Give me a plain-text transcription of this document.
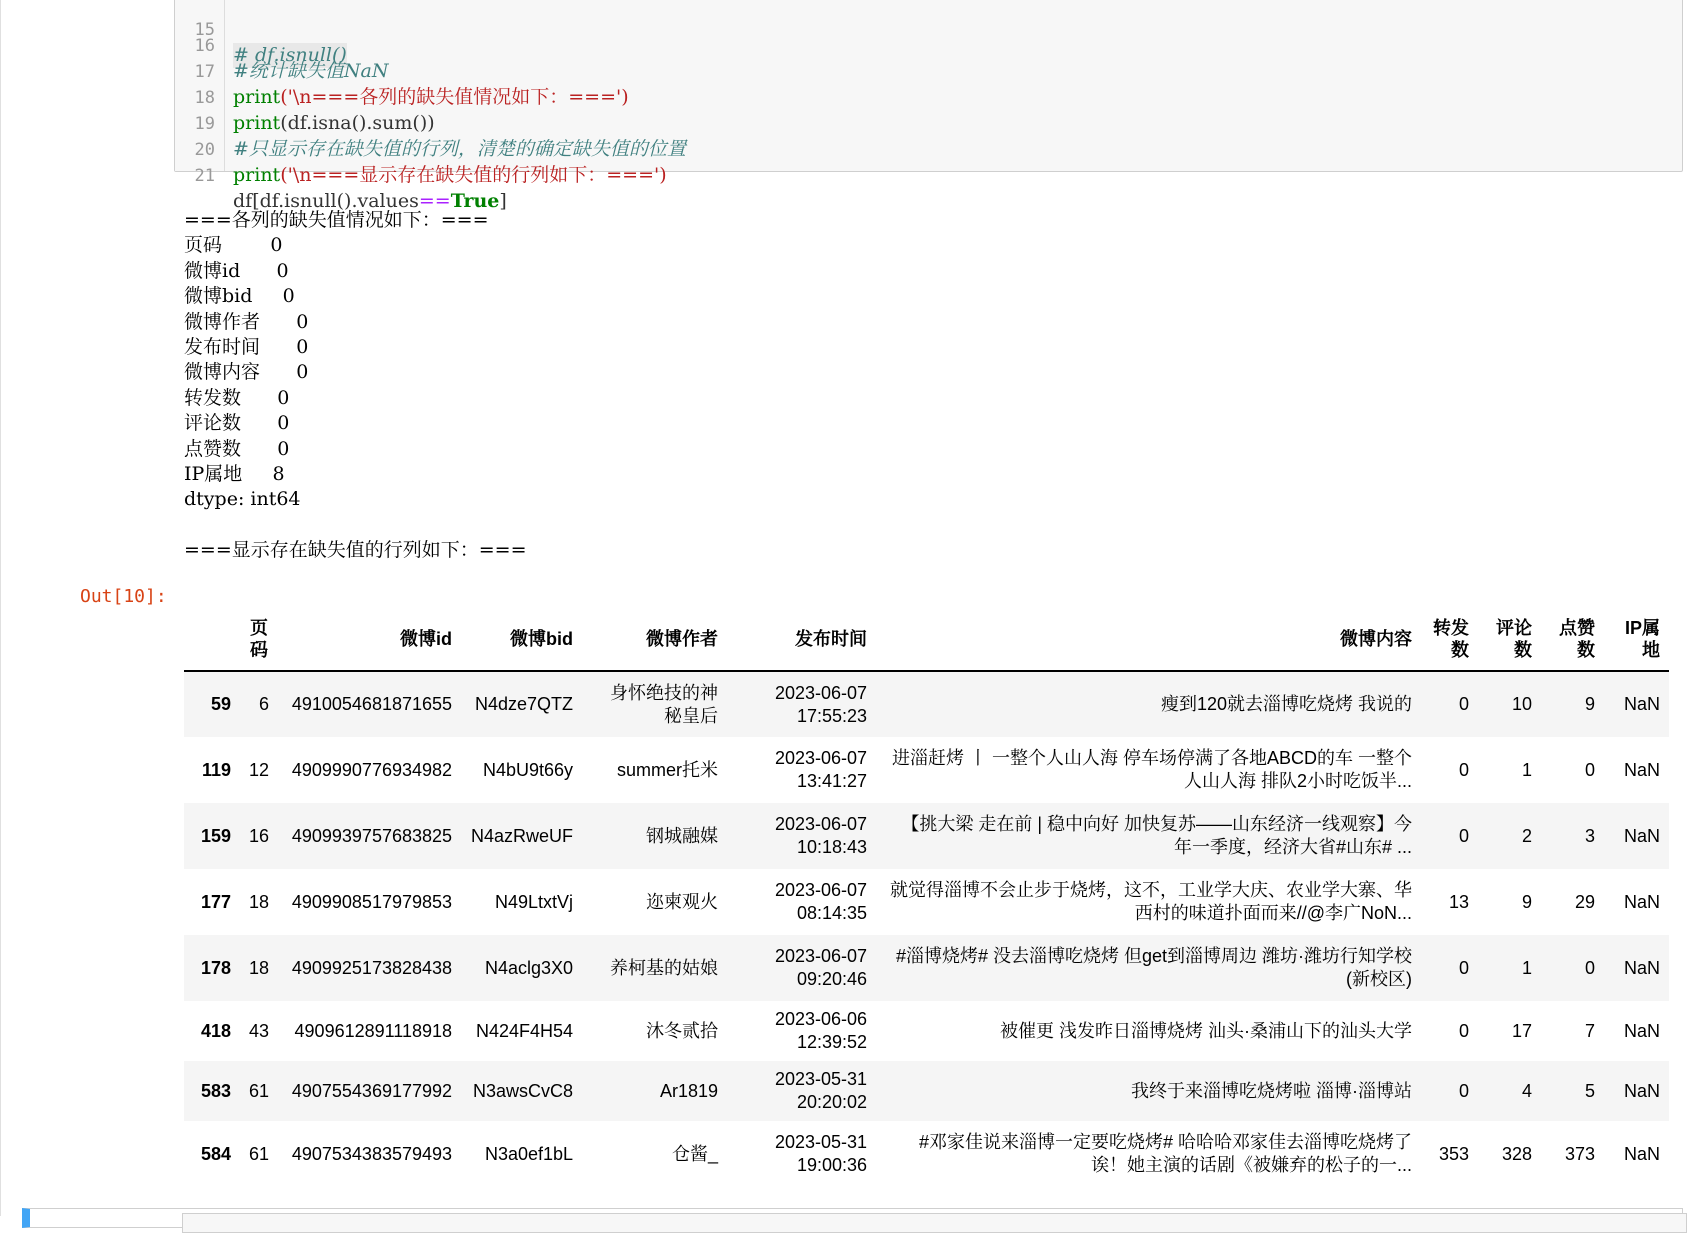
15

# df.isnull()

16

#统计缺失值NaN

17

print('\n===各列的缺失值情况如下：===')

18

print(df.isna().sum())

19

#只显示存在缺失值的行列，清楚的确定缺失值的位置

20

print('\n===显示存在缺失值的行列如下：===')

21

df[df.isnull().values==True]

===各列的缺失值情况如下：===
页码        0
微博id      0
微博bid     0
微博作者      0
发布时间      0
微博内容      0
转发数      0
评论数      0
点赞数      0
IP属地     8
dtype: int64

===显示存在缺失值的行列如下：===
Out[10]:
	页
码	微博id	微博bid	微博作者	发布时间	微博内容	转发
数	评论
数	点赞
数	IP属
地
59	6	4910054681871655	N4dze7QTZ	身怀绝技的神
秘皇后	2023-06-07
17:55:23	瘦到120就去淄博吃烧烤 我说的	0	10	9	NaN
119	12	4909990776934982	N4bU9t66y	summer托米	2023-06-07
13:41:27	进淄赶烤 丨 一整个人山人海 停车场停满了各地ABCD的车 一整个
人山人海 排队2小时吃饭半...	0	1	0	NaN
159	16	4909939757683825	N4azRweUF	钢城融媒	2023-06-07
10:18:43	【挑大梁 走在前 | 稳中向好 加快复苏——山东经济一线观察】今
年一季度，经济大省#山东# ...	0	2	3	NaN
177	18	4909908517979853	N49LtxtVj	迩柬观火	2023-06-07
08:14:35	就觉得淄博不会止步于烧烤，这不，工业学大庆、农业学大寨、华
西村的味道扑面而来//@李广NoN...	13	9	29	NaN
178	18	4909925173828438	N4aclg3X0	养柯基的姑娘	2023-06-07
09:20:46	#淄博烧烤# 没去淄博吃烧烤 但get到淄博周边 潍坊·潍坊行知学校
(新校区)	0	1	0	NaN
418	43	4909612891118918	N424F4H54	沐冬贰拾	2023-06-06
12:39:52	被催更 浅发昨日淄博烧烤 汕头·桑浦山下的汕头大学	0	17	7	NaN
583	61	4907554369177992	N3awsCvC8	Ar1819	2023-05-31
20:20:02	我终于来淄博吃烧烤啦 淄博·淄博站	0	4	5	NaN
584	61	4907534383579493	N3a0ef1bL	仓酱_	2023-05-31
19:00:36	#邓家佳说来淄博一定要吃烧烤# 哈哈哈邓家佳去淄博吃烧烤了
诶！她主演的话剧《被嫌弃的松子的一...	353	328	373	NaN
